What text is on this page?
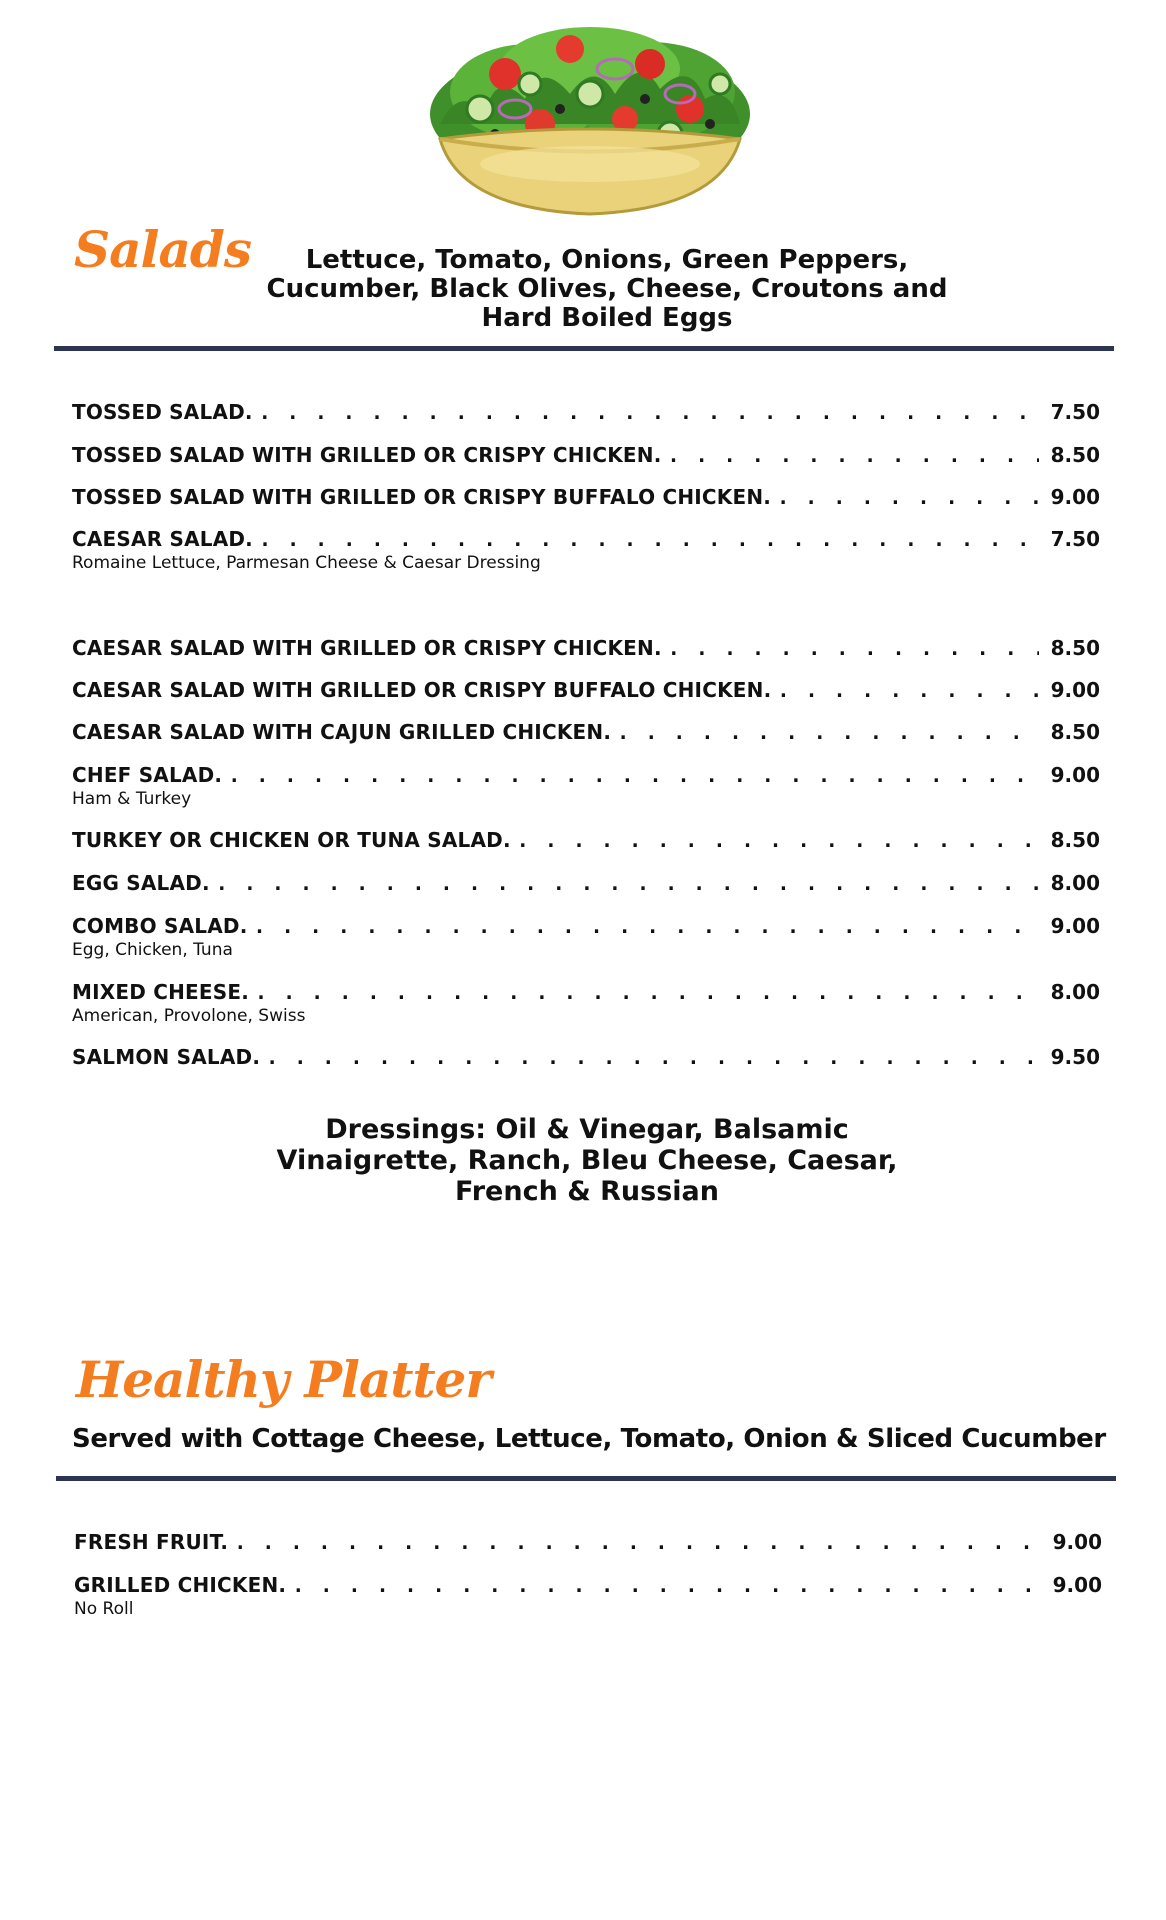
Salads	Lettuce, Tomato, Onions, Green Peppers,

Cucumber, Black Olives, Cheese, Croutons and

Hard Boiled Eggs

TOSSED SALAD. . . .	7.50
TOSSED SALAD WITH GRILLED OR CRISPY CHICKEN. . . .	8.50
TOSSED SALAD WITH GRILLED OR CRISPY BUFFALO CHICKEN. . . .	9.00
CAESAR SALAD. . . .	7.50
Romaine Lettuce, Parmesan Cheese & Caesar Dressing
CAESAR SALAD WITH GRILLED OR CRISPY CHICKEN. . . .	8.50
CAESAR SALAD WITH GRILLED OR CRISPY BUFFALO CHICKEN. . . .	9.00
CAESAR SALAD WITH CAJUN GRILLED CHICKEN. . . .	8.50
CHEF SALAD. . . .	9.00
Ham & Turkey
TURKEY OR CHICKEN OR TUNA SALAD. . . .	8.50
EGG SALAD. . . .	8.00
COMBO SALAD. . . .	9.00
Egg, Chicken, Tuna
MIXED CHEESE. . . .	8.00
American, Provolone, Swiss
SALMON SALAD. . . .	9.50

Dressings: Oil & Vinegar, Balsamic

Vinaigrette, Ranch, Bleu Cheese, Caesar,

French & Russian

Healthy Platter

Served with Cottage Cheese, Lettuce, Tomato, Onion & Sliced Cucumber

FRESH FRUIT. . . .	9.00
GRILLED CHICKEN. . . .	9.00
No Roll
